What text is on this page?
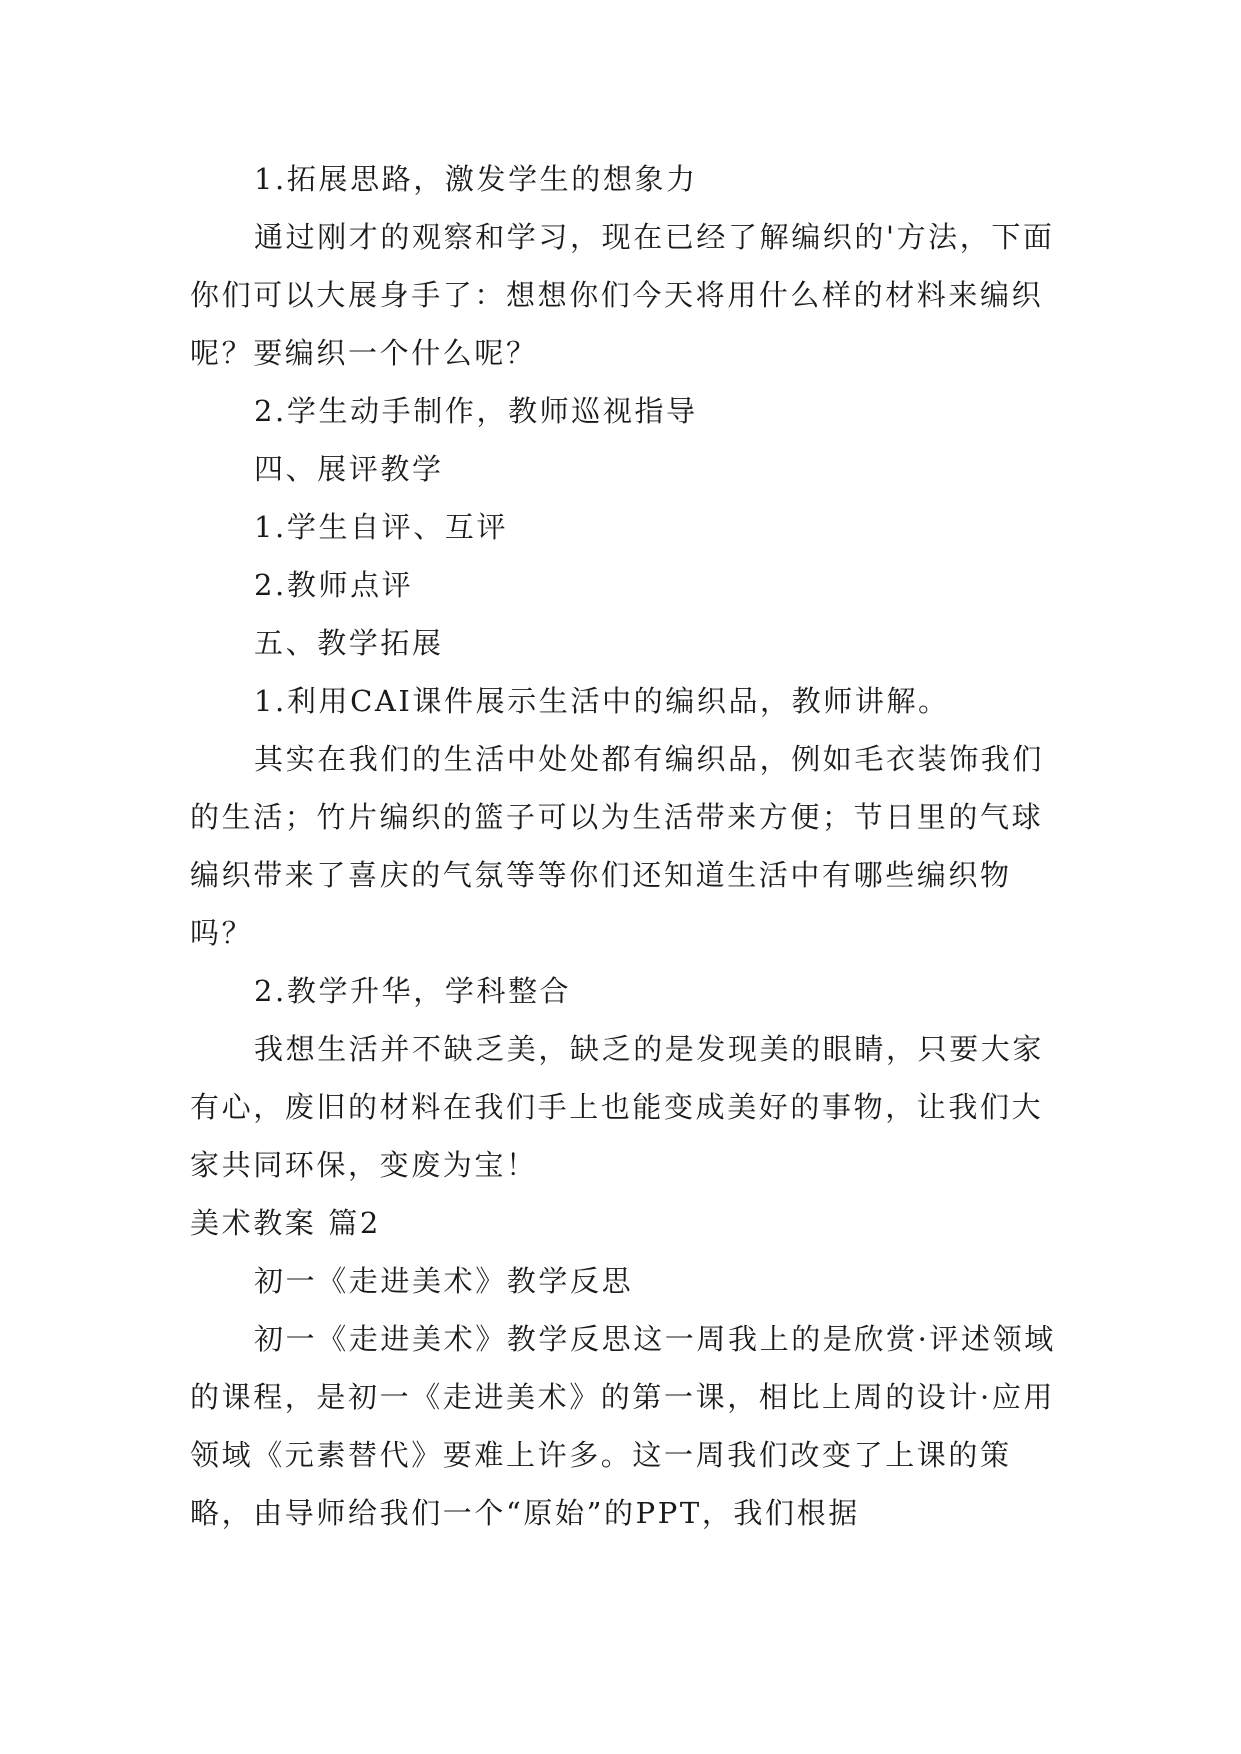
1.拓展思路，激发学生的想象力

通过刚才的观察和学习，现在已经了解编织的'方法，下面你们可以大展身手了：想想你们今天将用什么样的材料来编织呢？要编织一个什么呢？

2.学生动手制作，教师巡视指导

四、展评教学

1.学生自评、互评

2.教师点评

五、教学拓展

1.利用CAI课件展示生活中的编织品，教师讲解。

其实在我们的生活中处处都有编织品，例如毛衣装饰我们的生活；竹片编织的篮子可以为生活带来方便；节日里的气球编织带来了喜庆的气氛等等你们还知道生活中有哪些编织物吗？

2.教学升华，学科整合

我想生活并不缺乏美，缺乏的是发现美的眼睛，只要大家有心，废旧的材料在我们手上也能变成美好的事物，让我们大家共同环保，变废为宝！

美术教案 篇2

初一《走进美术》教学反思

初一《走进美术》教学反思这一周我上的是欣赏·评述领域的课程，是初一《走进美术》的第一课，相比上周的设计·应用领域《元素替代》要难上许多。这一周我们改变了上课的策略，由导师给我们一个“原始”的PPT，我们根据
